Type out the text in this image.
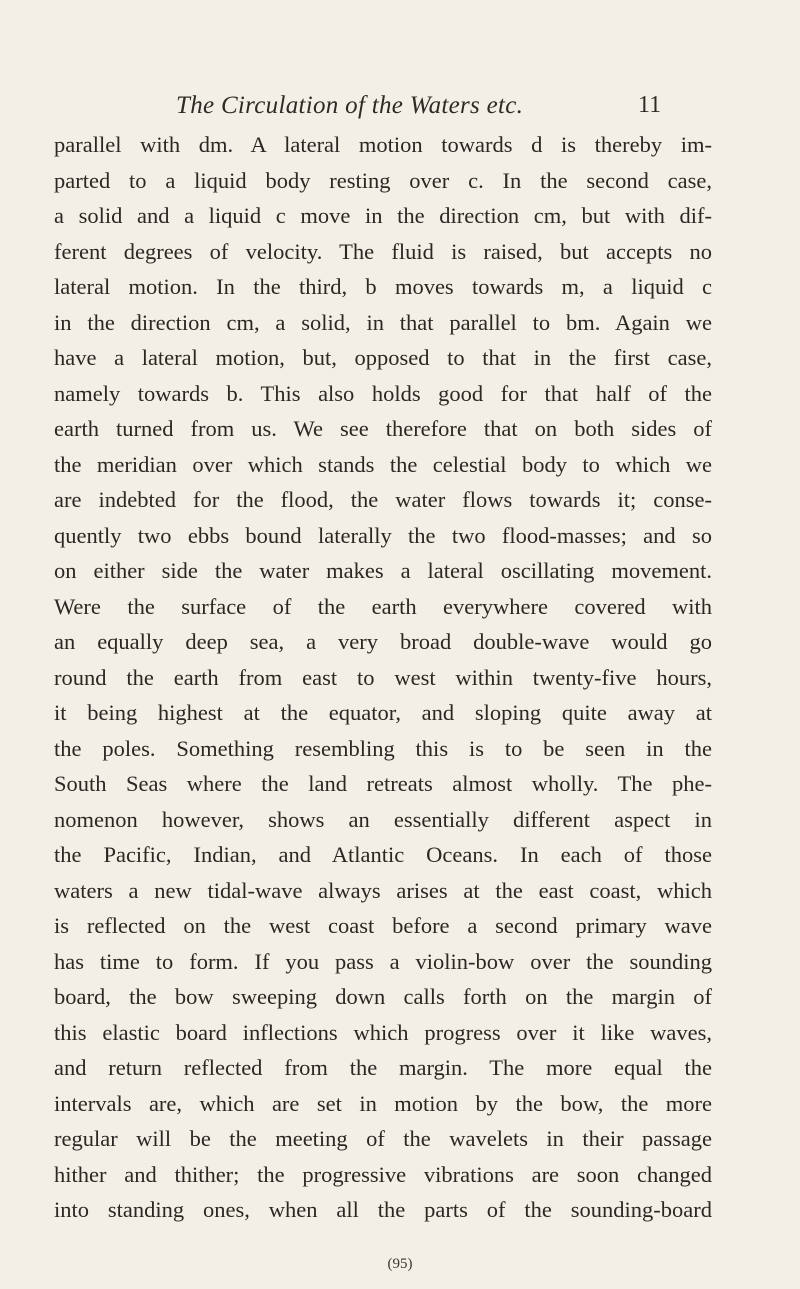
The Circulation of the Waters etc.	11
parallel with dm. A lateral motion towards d is thereby im-
parted to a liquid body resting over c. In the second case,
a solid and a liquid c move in the direction cm, but with dif-
ferent degrees of velocity. The fluid is raised, but accepts no
lateral motion. In the third, b moves towards m, a liquid c
in the direction cm, a solid, in that parallel to bm. Again we
have a lateral motion, but, opposed to that in the first case,
namely towards b. This also holds good for that half of the
earth turned from us. We see therefore that on both sides of
the meridian over which stands the celestial body to which we
are indebted for the flood, the water flows towards it; conse-
quently two ebbs bound laterally the two flood-masses; and so
on either side the water makes a lateral oscillating movement.
Were the surface of the earth everywhere covered with
an equally deep sea, a very broad double-wave would go
round the earth from east to west within twenty-five hours,
it being highest at the equator, and sloping quite away at
the poles. Something resembling this is to be seen in the
South Seas where the land retreats almost wholly. The phe-
nomenon however, shows an essentially different aspect in
the Pacific, Indian, and Atlantic Oceans. In each of those
waters a new tidal-wave always arises at the east coast, which
is reflected on the west coast before a second primary wave
has time to form. If you pass a violin-bow over the sounding
board, the bow sweeping down calls forth on the margin of
this elastic board inflections which progress over it like waves,
and return reflected from the margin. The more equal the
intervals are, which are set in motion by the bow, the more
regular will be the meeting of the wavelets in their passage
hither and thither; the progressive vibrations are soon changed
into standing ones, when all the parts of the sounding-board
(95)
